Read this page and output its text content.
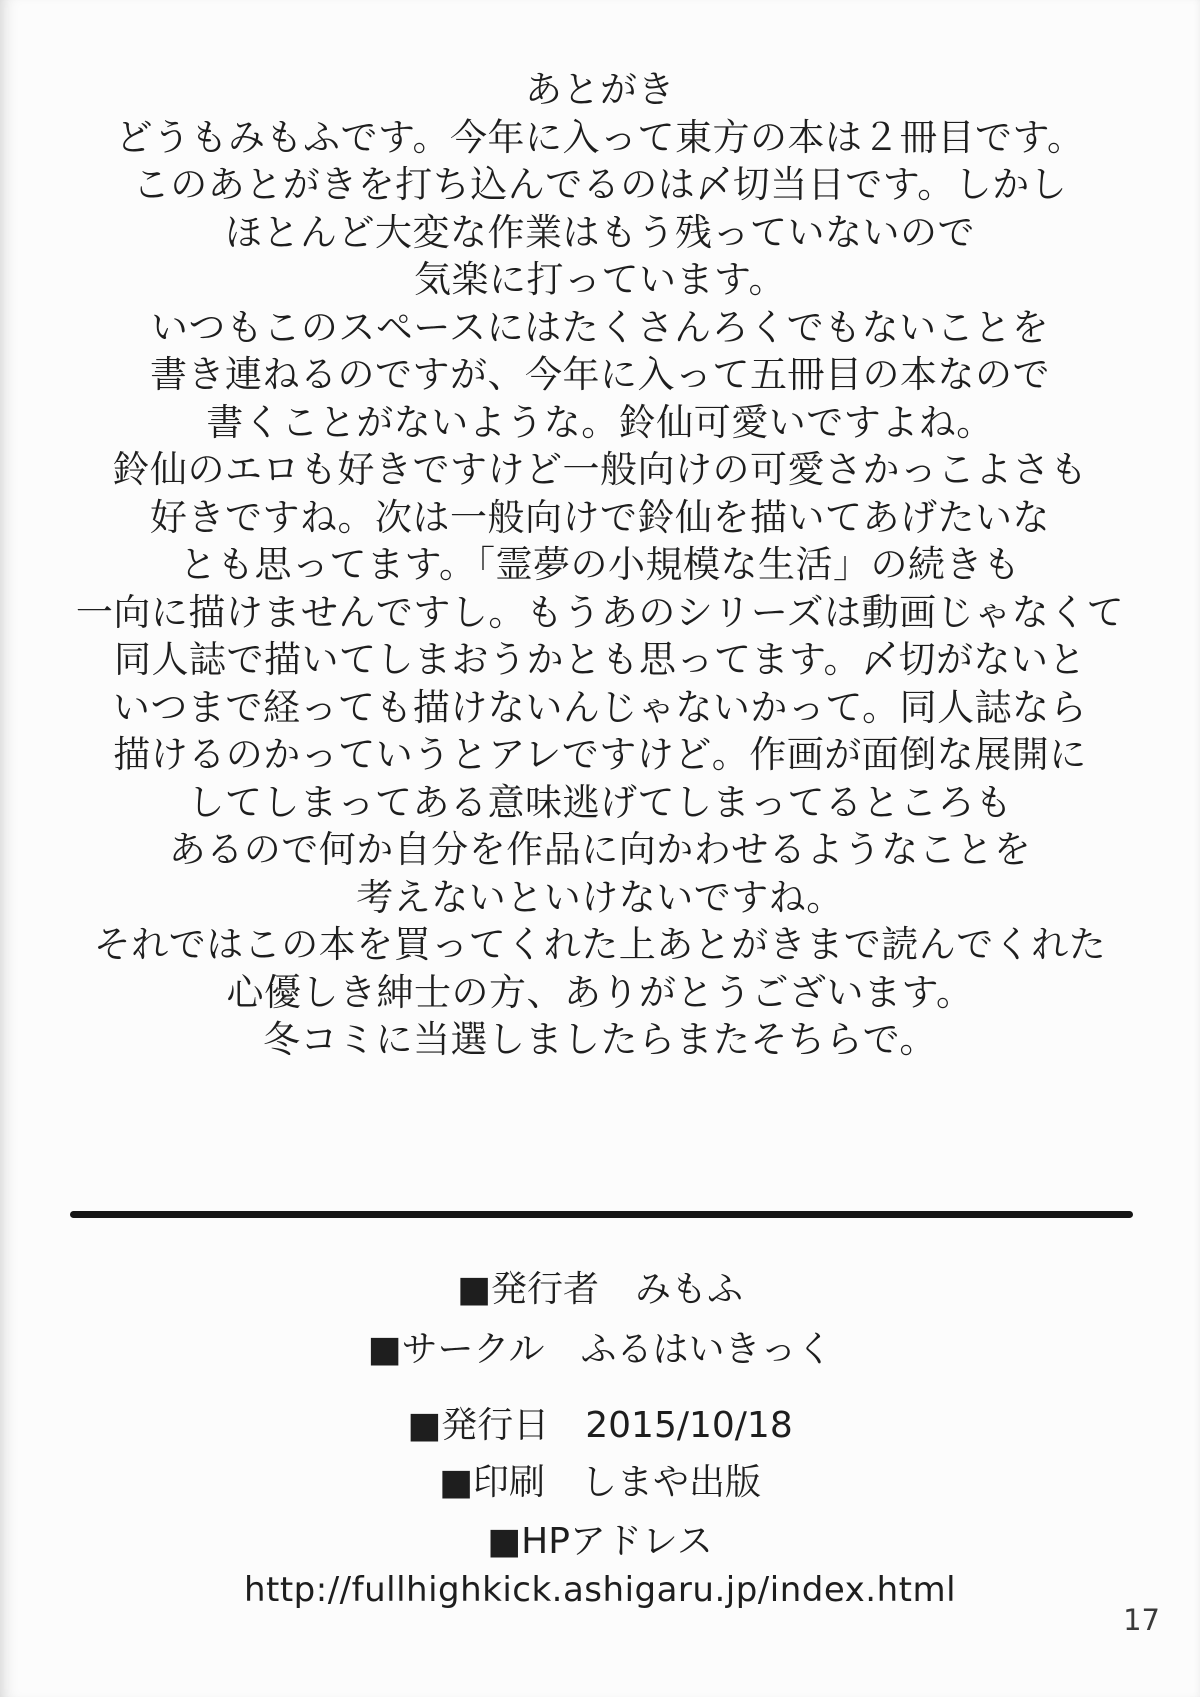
あとがき
どうもみもふです。今年に入って東方の本は２冊目です。
このあとがきを打ち込んでるのは〆切当日です。しかし
ほとんど大変な作業はもう残っていないので
気楽に打っています。
いつもこのスペースにはたくさんろくでもないことを
書き連ねるのですが、今年に入って五冊目の本なので
書くことがないような。鈴仙可愛いですよね。
鈴仙のエロも好きですけど一般向けの可愛さかっこよさも
好きですね。次は一般向けで鈴仙を描いてあげたいな
とも思ってます。「霊夢の小規模な生活」の続きも
一向に描けませんですし。もうあのシリーズは動画じゃなくて
同人誌で描いてしまおうかとも思ってます。〆切がないと
いつまで経っても描けないんじゃないかって。同人誌なら
描けるのかっていうとアレですけど。作画が面倒な展開に
してしまってある意味逃げてしまってるところも
あるので何か自分を作品に向かわせるようなことを
考えないといけないですね。
それではこの本を買ってくれた上あとがきまで読んでくれた
心優しき紳士の方、ありがとうございます。
冬コミに当選しましたらまたそちらで。
■発行者　みもふ
■サークル　ふるはいきっく
■発行日　2015/10/18
■印刷　しまや出版
■HPアドレス
http://fullhighkick.ashigaru.jp/index.html
17
